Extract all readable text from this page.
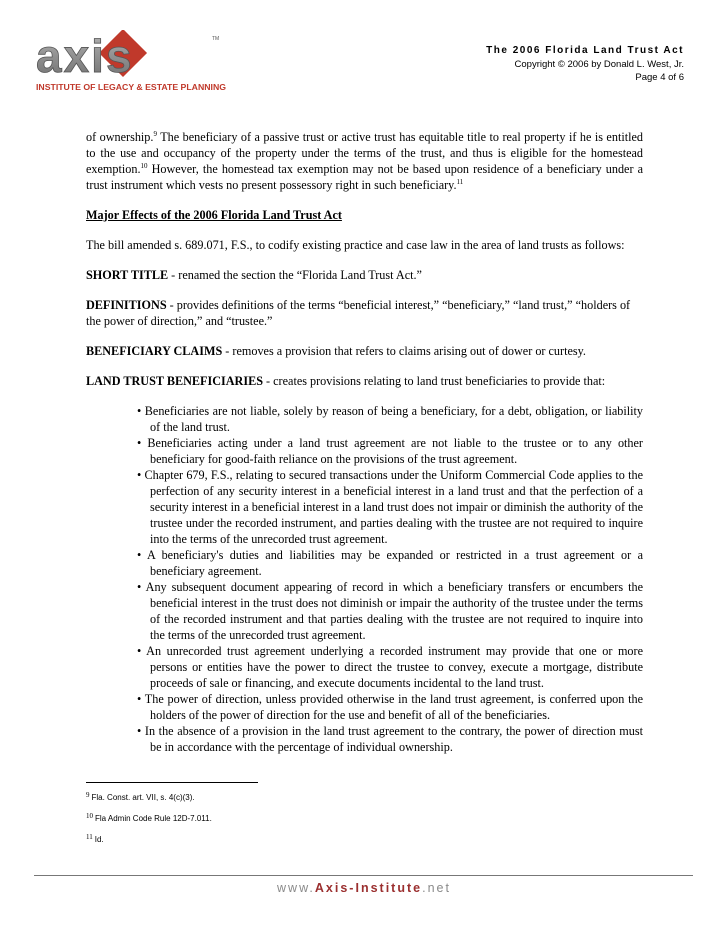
axis	TM
INSTITUTE OF LEGACY & ESTATE PLANNING
The 2006 Florida Land Trust Act
Copyright © 2006 by Donald L. West, Jr.
Page 4 of 6

of ownership.$^9$ The beneficiary of a passive trust or active trust has equitable title to real property if he is entitled to the use and occupancy of the property under the terms of the trust, and thus is eligible for the homestead exemption.$^{10}$ However, the homestead tax exemption may not be based upon residence of a beneficiary under a trust instrument which vests no present possessory right in such beneficiary.$^{11}$

Major Effects of the 2006 Florida Land Trust Act

The bill amended s. 689.071, F.S., to codify existing practice and case law in the area of land trusts as follows:

SHORT TITLE - renamed the section the “Florida Land Trust Act.”

DEFINITIONS - provides definitions of the terms “beneficial interest,” “beneficiary,” “land trust,” “holders of the power of direction,” and “trustee.”

BENEFICIARY CLAIMS - removes a provision that refers to claims arising out of dower or curtesy.

LAND TRUST BENEFICIARIES - creates provisions relating to land trust beneficiaries to provide that:

• Beneficiaries are not liable, solely by reason of being a beneficiary, for a debt, obligation, or liability of the land trust.
• Beneficiaries acting under a land trust agreement are not liable to the trustee or to any other beneficiary for good-faith reliance on the provisions of the trust agreement.
• Chapter 679, F.S., relating to secured transactions under the Uniform Commercial Code applies to the perfection of any security interest in a beneficial interest in a land trust and that the perfection of a security interest in a beneficial interest in a land trust does not impair or diminish the authority of the trustee under the recorded instrument, and parties dealing with the trustee are not required to inquire into the terms of the unrecorded trust agreement.
• A beneficiary's duties and liabilities may be expanded or restricted in a trust agreement or a beneficiary agreement.
• Any subsequent document appearing of record in which a beneficiary transfers or encumbers the beneficial interest in the trust does not diminish or impair the authority of the trustee under the terms of the recorded instrument and that parties dealing with the trustee are not required to inquire into the terms of the unrecorded trust agreement.
• An unrecorded trust agreement underlying a recorded instrument may provide that one or more persons or entities have the power to direct the trustee to convey, execute a mortgage, distribute proceeds of sale or financing, and execute documents incidental to the land trust.
• The power of direction, unless provided otherwise in the land trust agreement, is conferred upon the holders of the power of direction for the use and benefit of all of the beneficiaries.
• In the absence of a provision in the land trust agreement to the contrary, the power of direction must be in accordance with the percentage of individual ownership.
$^9$ Fla. Const. art. VII, s. 4(c)(3).
$^{10}$ Fla Admin Code Rule 12D-7.011.
$^{11}$ Id.
www.Axis-Institute.net
